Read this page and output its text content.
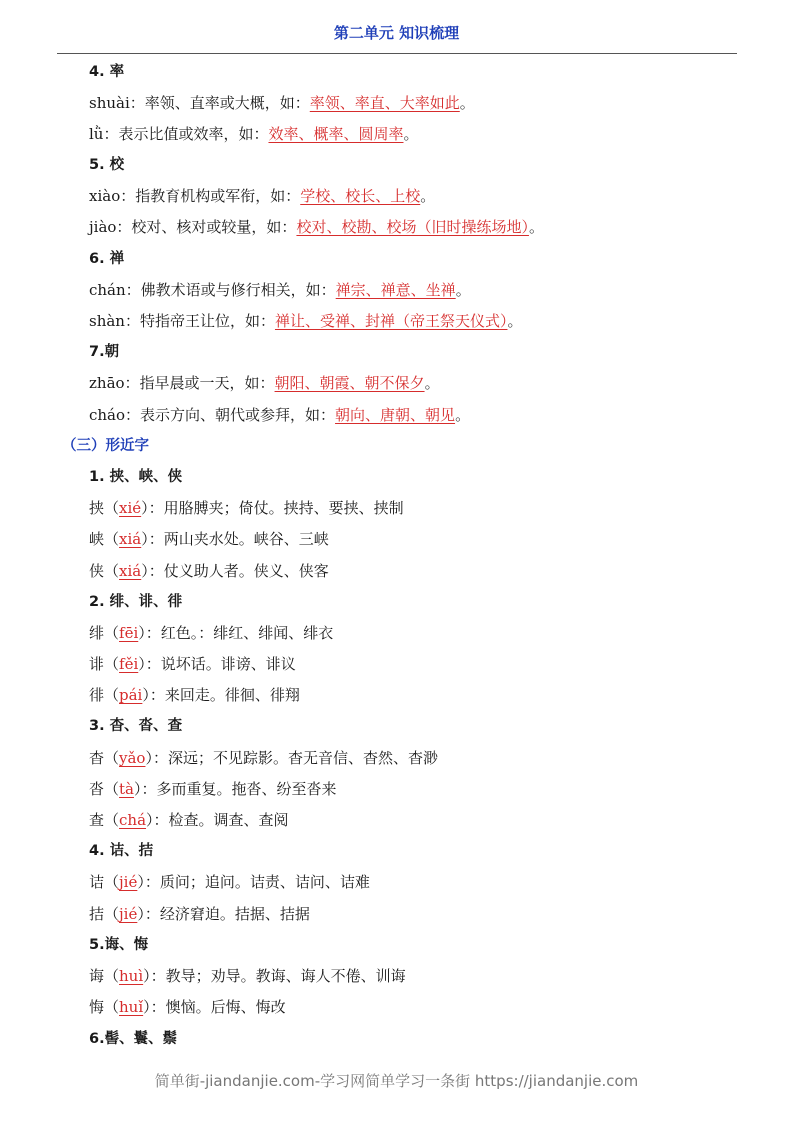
第二单元 知识梳理
4. 率
shuài：率领、直率或大概，如：率领、率直、大率如此。
lǜ：表示比值或效率，如：效率、概率、圆周率。
5. 校
xiào：指教育机构或军衔，如：学校、校长、上校。
jiào：校对、核对或较量，如：校对、校勘、校场（旧时操练场地）。
6. 禅
chán：佛教术语或与修行相关，如：禅宗、禅意、坐禅。
shàn：特指帝王让位，如：禅让、受禅、封禅（帝王祭天仪式）。
7.朝
zhāo：指早晨或一天，如：朝阳、朝霞、朝不保夕。
cháo：表示方向、朝代或参拜，如：朝向、唐朝、朝见。
（三）形近字
1. 挟、峡、侠
挟（xié）：用胳膊夹；倚仗。挟持、要挟、挟制
峡（xiá）：两山夹水处。峡谷、三峡
侠（xiá）：仗义助人者。侠义、侠客
2. 绯、诽、徘
绯（fēi）：红色。：绯红、绯闻、绯衣
诽（fěi）：说坏话。诽谤、诽议
徘（pái）：来回走。徘徊、徘翔
3. 杳、沓、查
杳（yǎo）：深远；不见踪影。杳无音信、杳然、杳渺
沓（tà）：多而重复。拖沓、纷至沓来
查（chá）：检查。调查、查阅
4. 诘、拮
诘（jié）：质问；追问。诘责、诘问、诘难
拮（jié）：经济窘迫。拮据、拮据
5.诲、悔
诲（huì）：教导；劝导。教诲、诲人不倦、训诲
悔（huǐ）：懊恼。后悔、悔改
6.髻、鬟、鬃
简单街-jiandanjie.com-学习网简单学习一条街 https://jiandanjie.com
